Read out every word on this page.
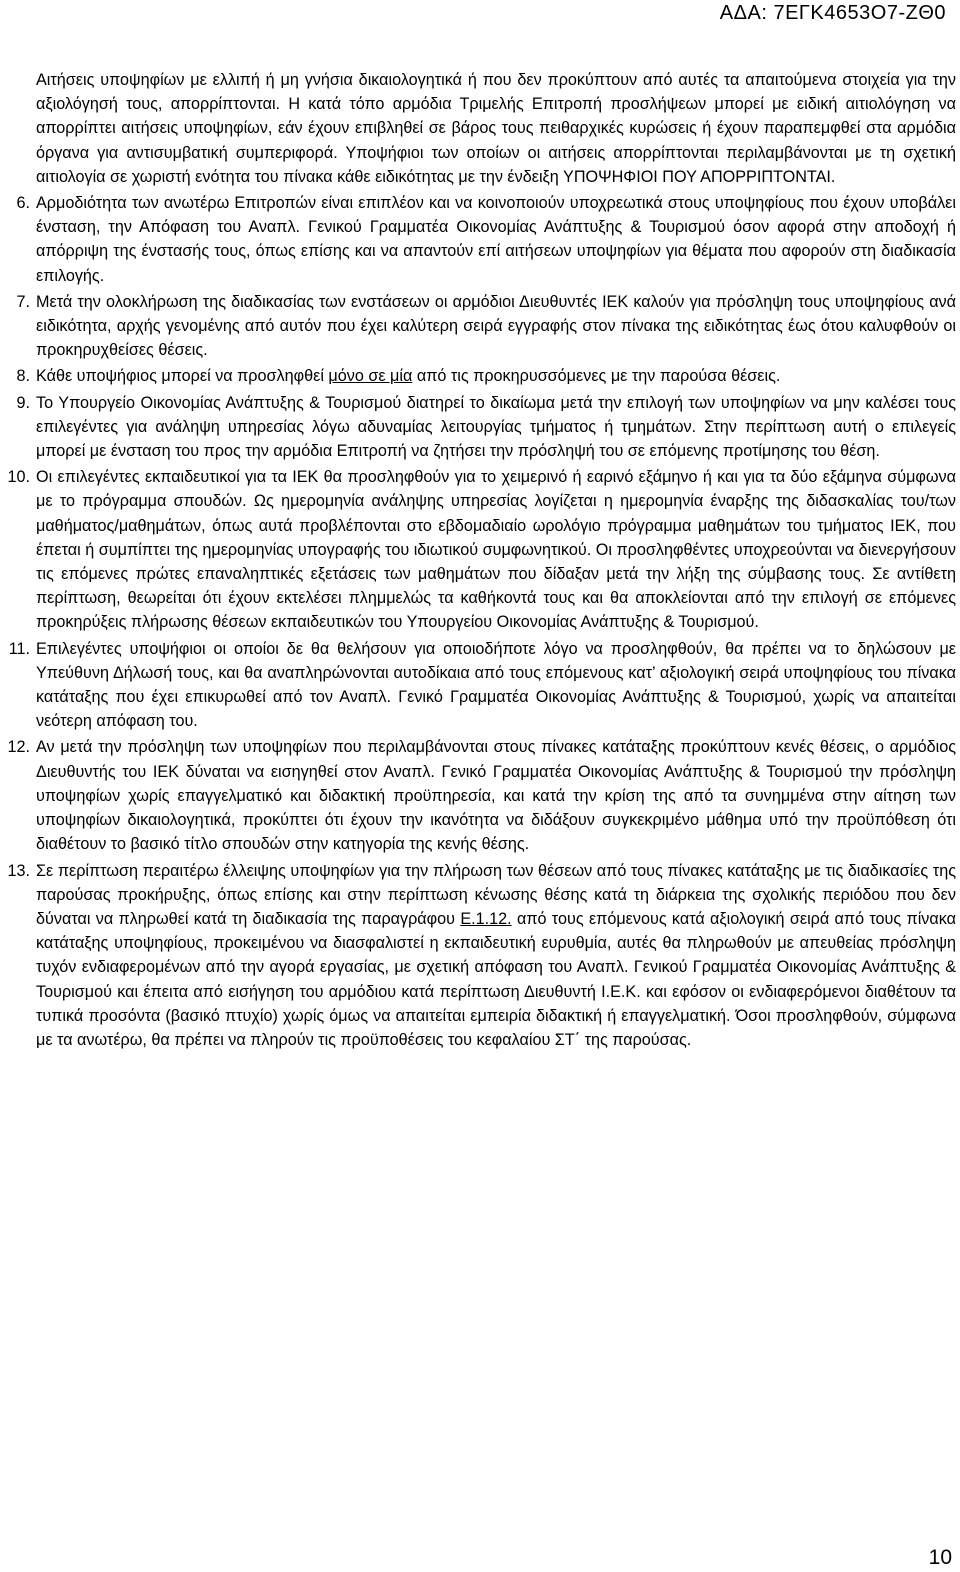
ΑΔΑ: 7ΕΓΚ4653Ο7-ΖΘ0

Αιτήσεις υποψηφίων με ελλιπή ή μη γνήσια δικαιολογητικά ή που δεν προκύπτουν από αυτές τα απαιτούμενα στοιχεία για την αξιολόγησή τους, απορρίπτονται. Η κατά τόπο αρμόδια Τριμελής Επιτροπή προσλήψεων μπορεί με ειδική αιτιολόγηση να απορρίπτει αιτήσεις υποψηφίων, εάν έχουν επιβληθεί σε βάρος τους πειθαρχικές κυρώσεις ή έχουν παραπεμφθεί στα αρμόδια όργανα για αντισυμβατική συμπεριφορά. Υποψήφιοι των οποίων οι αιτήσεις απορρίπτονται περιλαμβάνονται με τη σχετική αιτιολογία σε χωριστή ενότητα του πίνακα κάθε ειδικότητας με την ένδειξη ΥΠΟΨΗΦΙΟΙ ΠΟΥ ΑΠΟΡΡΙΠΤΟΝΤΑΙ.

6. Αρμοδιότητα των ανωτέρω Επιτροπών είναι επιπλέον και να κοινοποιούν υποχρεωτικά στους υποψηφίους που έχουν υποβάλει ένσταση, την Απόφαση του Αναπλ. Γενικού Γραμματέα Οικονομίας Ανάπτυξης & Τουρισμού όσον αφορά στην αποδοχή ή απόρριψη της ένστασής τους, όπως επίσης και να απαντούν επί αιτήσεων υποψηφίων για θέματα που αφορούν στη διαδικασία επιλογής.

7. Μετά την ολοκλήρωση της διαδικασίας των ενστάσεων οι αρμόδιοι Διευθυντές ΙΕΚ καλούν για πρόσληψη τους υποψηφίους ανά ειδικότητα, αρχής γενομένης από αυτόν που έχει καλύτερη σειρά εγγραφής στον πίνακα της ειδικότητας έως ότου καλυφθούν οι προκηρυχθείσες θέσεις.

8. Κάθε υποψήφιος μπορεί να προσληφθεί μόνο σε μία από τις προκηρυσσόμενες με την παρούσα θέσεις.

9. Το Υπουργείο Οικονομίας Ανάπτυξης & Τουρισμού διατηρεί το δικαίωμα μετά την επιλογή των υποψηφίων να μην καλέσει τους επιλεγέντες για ανάληψη υπηρεσίας λόγω αδυναμίας λειτουργίας τμήματος ή τμημάτων. Στην περίπτωση αυτή ο επιλεγείς μπορεί με ένσταση του προς την αρμόδια Επιτροπή να ζητήσει την πρόσληψή του σε επόμενης προτίμησης του θέση.

10. Οι επιλεγέντες εκπαιδευτικοί για τα ΙΕΚ θα προσληφθούν για το χειμερινό ή εαρινό εξάμηνο ή και για τα δύο εξάμηνα σύμφωνα με το πρόγραμμα σπουδών. Ως ημερομηνία ανάληψης υπηρεσίας λογίζεται η ημερομηνία έναρξης της διδασκαλίας του/των μαθήματος/μαθημάτων, όπως αυτά προβλέπονται στο εβδομαδιαίο ωρολόγιο πρόγραμμα μαθημάτων του τμήματος ΙΕΚ, που έπεται ή συμπίπτει της ημερομηνίας υπογραφής του ιδιωτικού συμφωνητικού. Οι προσληφθέντες υποχρεούνται να διενεργήσουν τις επόμενες πρώτες επαναληπτικές εξετάσεις των μαθημάτων που δίδαξαν μετά την λήξη της σύμβασης τους. Σε αντίθετη περίπτωση, θεωρείται ότι έχουν εκτελέσει πλημμελώς τα καθήκοντά τους και θα αποκλείονται από την επιλογή σε επόμενες προκηρύξεις πλήρωσης θέσεων εκπαιδευτικών του Υπουργείου Οικονομίας Ανάπτυξης & Τουρισμού.

11. Επιλεγέντες υποψήφιοι οι οποίοι δε θα θελήσουν για οποιοδήποτε λόγο να προσληφθούν, θα πρέπει να το δηλώσουν με Υπεύθυνη Δήλωσή τους, και θα αναπληρώνονται αυτοδίκαια από τους επόμενους κατ’ αξιολογική σειρά υποψηφίους του πίνακα κατάταξης που έχει επικυρωθεί από τον Αναπλ. Γενικό Γραμματέα Οικονομίας Ανάπτυξης & Τουρισμού, χωρίς να απαιτείται νεότερη απόφαση του.

12. Αν μετά την πρόσληψη των υποψηφίων που περιλαμβάνονται στους πίνακες κατάταξης προκύπτουν κενές θέσεις, ο αρμόδιος Διευθυντής του ΙΕΚ δύναται να εισηγηθεί στον Αναπλ. Γενικό Γραμματέα Οικονομίας Ανάπτυξης & Τουρισμού την πρόσληψη υποψηφίων χωρίς επαγγελματικό και διδακτική προϋπηρεσία, και κατά την κρίση της από τα συνημμένα στην αίτηση των υποψηφίων δικαιολογητικά, προκύπτει ότι έχουν την ικανότητα να διδάξουν συγκεκριμένο μάθημα υπό την προϋπόθεση ότι διαθέτουν το βασικό τίτλο σπουδών στην κατηγορία της κενής θέσης.

13. Σε περίπτωση περαιτέρω έλλειψης υποψηφίων για την πλήρωση των θέσεων από τους πίνακες κατάταξης με τις διαδικασίες της παρούσας προκήρυξης, όπως επίσης και στην περίπτωση κένωσης θέσης κατά τη διάρκεια της σχολικής περιόδου που δεν δύναται να πληρωθεί κατά τη διαδικασία της παραγράφου Ε.1.12. από τους επόμενους κατά αξιολογική σειρά από τους πίνακα κατάταξης υποψηφίους, προκειμένου να διασφαλιστεί η εκπαιδευτική ευρυθμία, αυτές θα πληρωθούν με απευθείας πρόσληψη τυχόν ενδιαφερομένων από την αγορά εργασίας, με σχετική απόφαση του Αναπλ. Γενικού Γραμματέα Οικονομίας Ανάπτυξης & Τουρισμού και έπειτα από εισήγηση του αρμόδιου κατά περίπτωση Διευθυντή Ι.Ε.Κ. και εφόσον οι ενδιαφερόμενοι διαθέτουν τα τυπικά προσόντα (βασικό πτυχίο) χωρίς όμως να απαιτείται εμπειρία διδακτική ή επαγγελματική. Όσοι προσληφθούν, σύμφωνα με τα ανωτέρω, θα πρέπει να πληρούν τις προϋποθέσεις του κεφαλαίου ΣΤ΄ της παρούσας.

10
